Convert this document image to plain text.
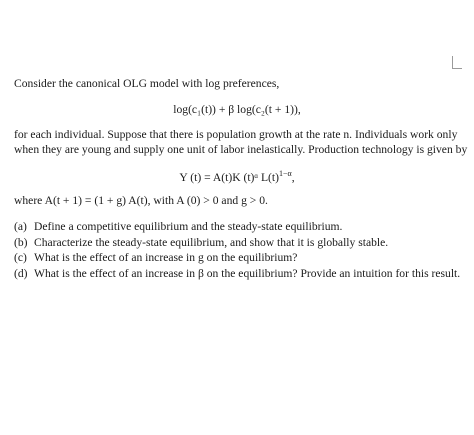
Consider the canonical OLG model with log preferences,
log(c₁(t)) + β log(c₂(t + 1)),
for each individual. Suppose that there is population growth at the rate n. Individuals work only
when they are young and supply one unit of labor inelastically. Production technology is given by
Y (t) = A(t)K (t)ᵅ $L(t)^{1-\alpha}$,
where A(t + 1) = (1 + g) A(t), with A (0) > 0 and g > 0.
(a) Define a competitive equilibrium and the steady-state equilibrium.
(b) Characterize the steady-state equilibrium, and show that it is globally stable.
(c) What is the effect of an increase in g on the equilibrium?
(d) What is the effect of an increase in β on the equilibrium? Provide an intuition for this result.
